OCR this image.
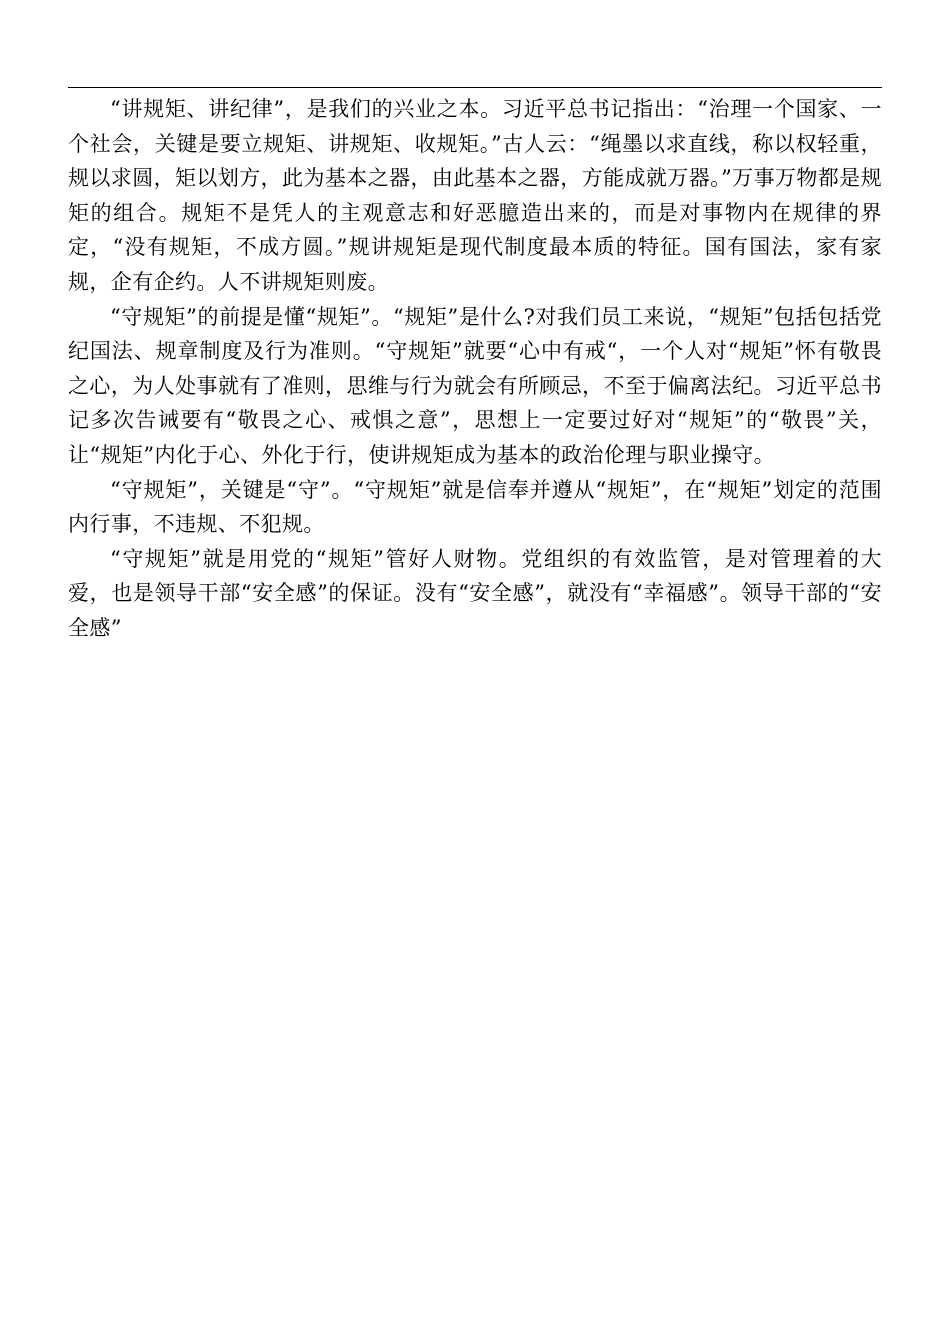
“讲规矩、讲纪律”，是我们的兴业之本。习近平总书记指出：“治理一个国家、一个社会，关键是要立规矩、讲规矩、收规矩。”古人云：“绳墨以求直线，称以权轻重，规以求圆，矩以划方，此为基本之器，由此基本之器，方能成就万器。”万事万物都是规矩的组合。规矩不是凭人的主观意志和好恶臆造出来的，而是对事物内在规律的界定，“没有规矩，不成方圆。”规讲规矩是现代制度最本质的特征。国有国法，家有家规，企有企约。人不讲规矩则废。

“守规矩”的前提是懂“规矩”。“规矩”是什么?对我们员工来说，“规矩”包括包括党纪国法、规章制度及行为准则。“守规矩”就要“心中有戒“，一个人对“规矩”怀有敬畏之心，为人处事就有了准则，思维与行为就会有所顾忌，不至于偏离法纪。习近平总书记多次告诫要有“敬畏之心、戒惧之意”，思想上一定要过好对“规矩”的“敬畏”关，让“规矩”内化于心、外化于行，使讲规矩成为基本的政治伦理与职业操守。

“守规矩”，关键是“守”。“守规矩”就是信奉并遵从“规矩”，在“规矩”划定的范围内行事，不违规、不犯规。

“守规矩”就是用党的“规矩”管好人财物。党组织的有效监管，是对管理着的大爱，也是领导干部“安全感”的保证。没有“安全感”，就没有“幸福感”。领导干部的“安全感”
